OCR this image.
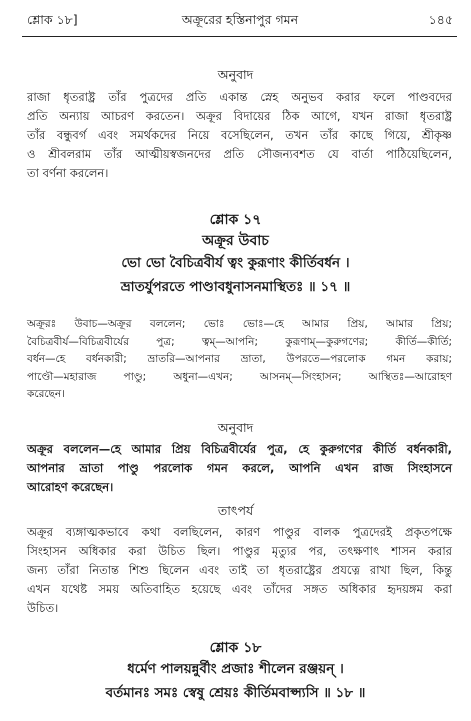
শ্লোক ১৮]	অক্রূরের হস্তিনাপুর গমন	১৪৫
অনুবাদ
রাজা ধৃতরাষ্ট্র তাঁর পুত্রদের প্রতি একান্ত স্নেহ অনুভব করার ফলে পাণ্ডবদের
প্রতি অন্যায় আচরণ করতেন। অক্রূর বিদায়ের ঠিক আগে, যখন রাজা ধৃতরাষ্ট্র
তাঁর বন্ধুবর্গ এবং সমর্থকদের নিয়ে বসেছিলেন, তখন তাঁর কাছে গিয়ে, শ্রীকৃষ্ণ
ও শ্রীবলরাম তাঁর আত্মীয়স্বজনদের প্রতি সৌজন্যবশত যে বার্তা পাঠিয়েছিলেন,
তা বর্ণনা করলেন।
শ্লোক ১৭
অক্রূর উবাচ
ভো ভো বৈচিত্রবীর্য ত্বং কুরূণাং কীর্তিবর্ধন ।
ভ্রাতর্যুপরতে পাণ্ডাবধুনাসনমাস্থিতঃ ॥ ১৭ ॥
অক্রূরঃ উবাচ—অক্রূর বললেন; ভোঃ ভোঃ—হে আমার প্রিয়, আমার প্রিয়;
বৈচিত্রবীর্য—বিচিত্রবীর্যের পুত্র; ত্বম্—আপনি; কুরূণাম্—কুরুগণের; কীর্তি—কীর্তি;
বর্ধন—হে বর্ধনকারী; ভ্রাতরি—আপনার ভ্রাতা, উপরতে—পরলোক গমন করায়;
পাণ্ডৌ—মহারাজ পাণ্ডু; অধুনা—এখন; আসনম্—সিংহাসন; আস্থিতঃ—আরোহণ
করেছেন।
অনুবাদ
অক্রূর বললেন—হে আমার প্রিয় বিচিত্রবীর্যের পুত্র, হে কুরুগণের কীর্তি বর্ধনকারী,
আপনার ভ্রাতা পাণ্ডু পরলোক গমন করলে, আপনি এখন রাজ সিংহাসনে
আরোহণ করেছেন।
তাৎপর্য
অক্রূর ব্যঙ্গাত্মকভাবে কথা বলছিলেন, কারণ পাণ্ডুর বালক পুত্রদেরই প্রকৃতপক্ষে
সিংহাসন অধিকার করা উচিত ছিল। পাণ্ডুর মৃত্যুর পর, তৎক্ষণাৎ শাসন করার
জন্য তাঁরা নিতান্ত শিশু ছিলেন এবং তাই তা ধৃতরাষ্ট্রের প্রযত্নে রাখা ছিল, কিন্তু
এখন যথেষ্ট সময় অতিবাহিত হয়েছে এবং তাঁদের সঙ্গত অধিকার হৃদয়ঙ্গম করা
উচিত।
শ্লোক ১৮
ধর্মেণ পালয়ন্নুর্বীং প্রজাঃ শীলেন রঞ্জয়ন্ ।
বর্তমানঃ সমঃ স্বেষু শ্রেয়ঃ কীর্তিমবাপ্স্যসি ॥ ১৮ ॥
